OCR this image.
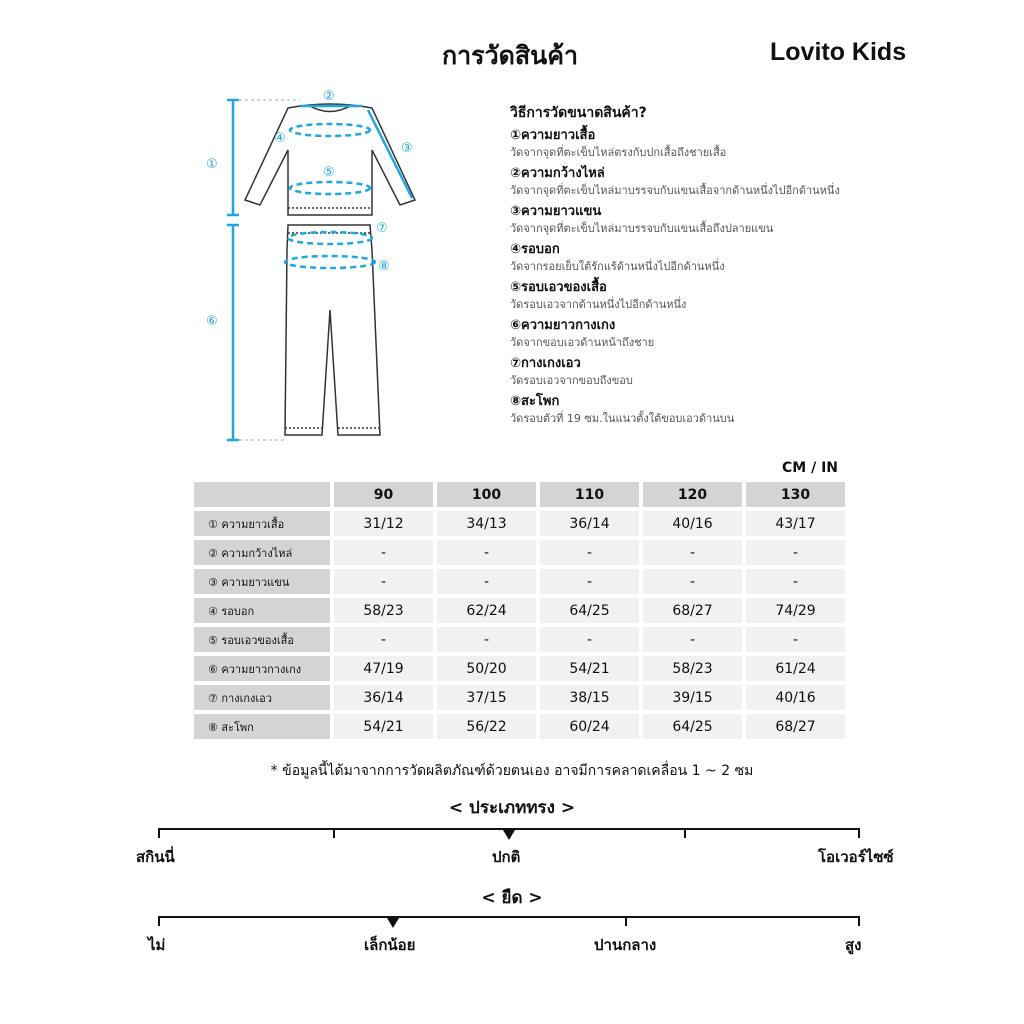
การวัดสินค้า	Lovito Kids
①
②
③
④
⑤
⑥
⑦
⑧
วิธีการวัดขนาดสินค้า?
①ความยาวเสื้อ
วัดจากจุดที่ตะเข็บไหล่ตรงกับปกเสื้อถึงชายเสื้อ
②ความกว้างไหล่
วัดจากจุดที่ตะเข็บไหล่มาบรรจบกับแขนเสื้อจากด้านหนึ่งไปอีกด้านหนึ่ง
③ความยาวแขน
วัดจากจุดที่ตะเข็บไหล่มาบรรจบกับแขนเสื้อถึงปลายแขน
④รอบอก
วัดจากรอยเย็บใต้รักแร้ด้านหนึ่งไปอีกด้านหนึ่ง
⑤รอบเอวของเสื้อ
วัดรอบเอวจากด้านหนึ่งไปอีกด้านหนึ่ง
⑥ความยาวกางเกง
วัดจากขอบเอวด้านหน้าถึงชาย
⑦กางเกงเอว
วัดรอบเอวจากขอบถึงขอบ
⑧สะโพก
วัดรอบตัวที่ 19 ซม.ในแนวตั้งใต้ขอบเอวด้านบน
CM / IN
	90	100	110	120	130
① ความยาวเสื้อ	31/12	34/13	36/14	40/16	43/17
② ความกว้างไหล่	-	-	-	-	-
③ ความยาวแขน	-	-	-	-	-
④ รอบอก	58/23	62/24	64/25	68/27	74/29
⑤ รอบเอวของเสื้อ	-	-	-	-	-
⑥ ความยาวกางเกง	47/19	50/20	54/21	58/23	61/24
⑦ กางเกงเอว	36/14	37/15	38/15	39/15	40/16
⑧ สะโพก	54/21	56/22	60/24	64/25	68/27
* ข้อมูลนี้ได้มาจากการวัดผลิตภัณฑ์ด้วยตนเอง อาจมีการคลาดเคลื่อน 1 ~ 2 ซม
< ประเภททรง >
สกินนี่	ปกติ	โอเวอร์ไซซ์
< ยืด >
ไม่	เล็กน้อย	ปานกลาง	สูง
